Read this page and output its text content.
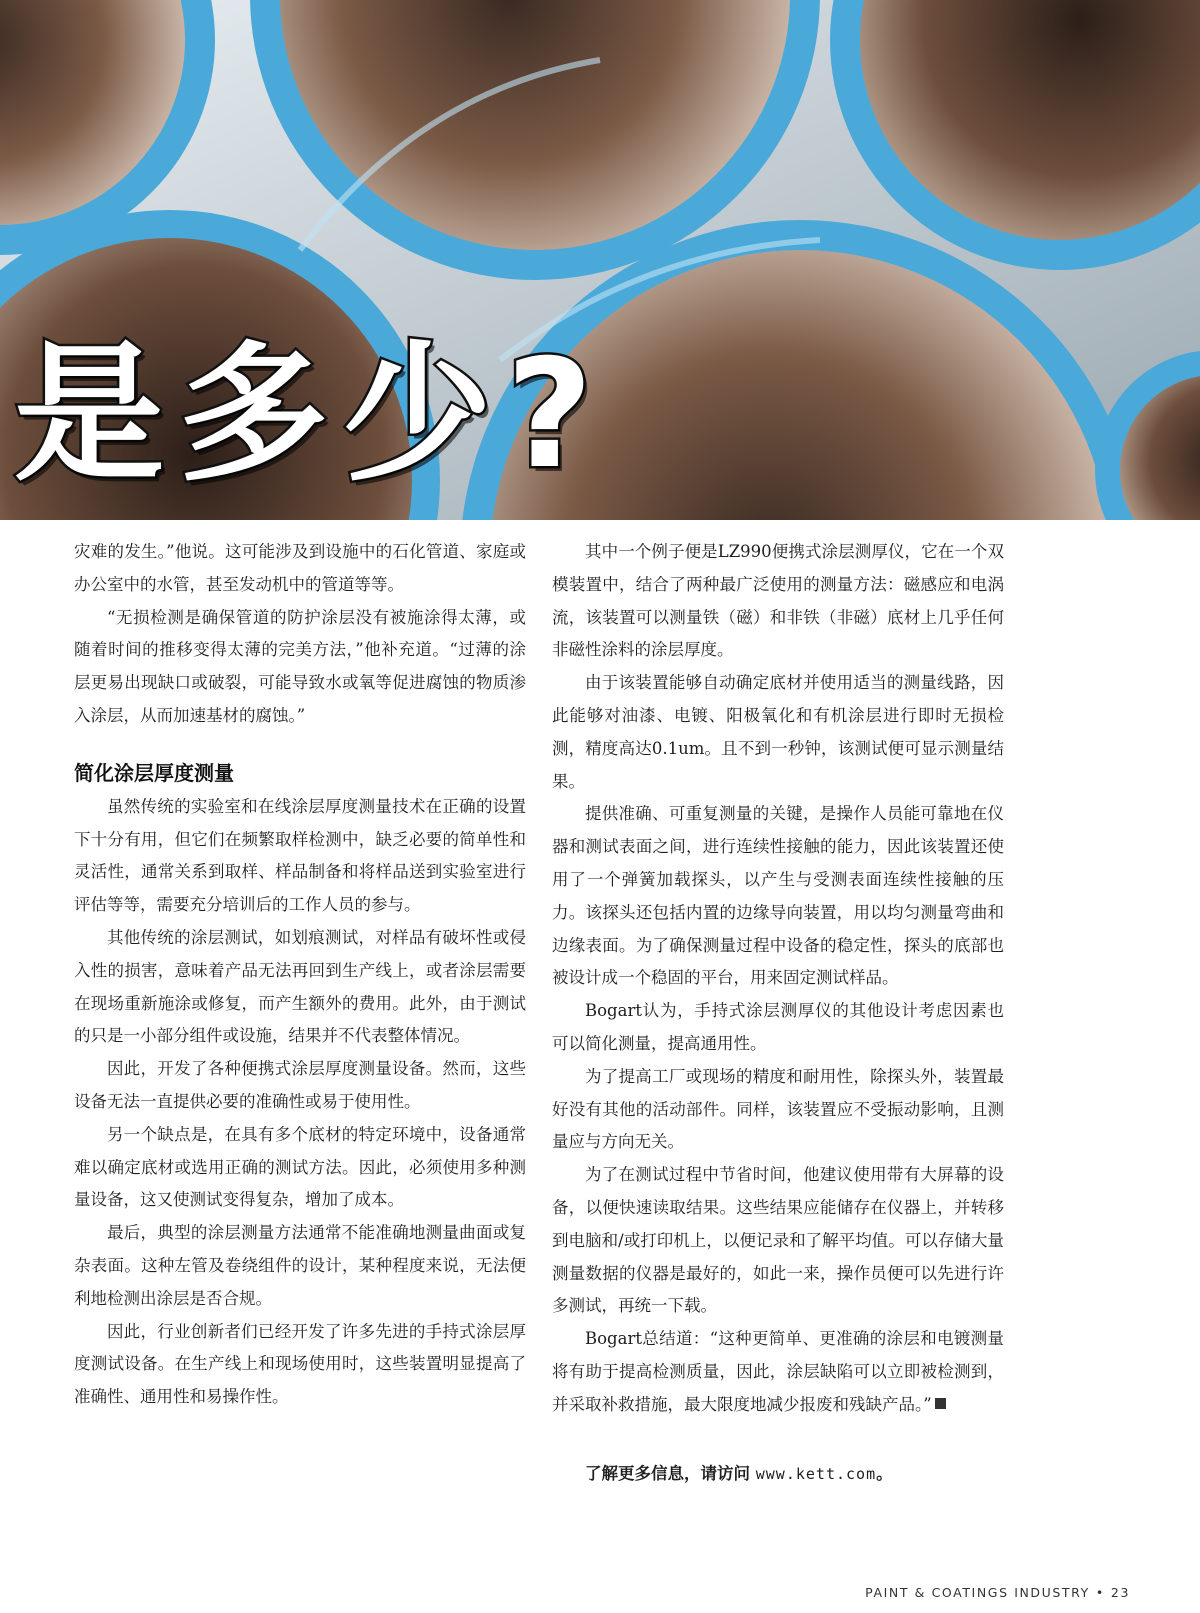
是多少?

灾难的发生。”他说。这可能涉及到设施中的石化管道、家庭或办公室中的水管，甚至发动机中的管道等等。

“无损检测是确保管道的防护涂层没有被施涂得太薄，或随着时间的推移变得太薄的完美方法，”他补充道。“过薄的涂层更易出现缺口或破裂，可能导致水或氧等促进腐蚀的物质渗入涂层，从而加速基材的腐蚀。”

简化涂层厚度测量

虽然传统的实验室和在线涂层厚度测量技术在正确的设置下十分有用，但它们在频繁取样检测中，缺乏必要的简单性和灵活性，通常关系到取样、样品制备和将样品送到实验室进行评估等等，需要充分培训后的工作人员的参与。

其他传统的涂层测试，如划痕测试，对样品有破坏性或侵入性的损害，意味着产品无法再回到生产线上，或者涂层需要在现场重新施涂或修复，而产生额外的费用。此外，由于测试的只是一小部分组件或设施，结果并不代表整体情况。

因此，开发了各种便携式涂层厚度测量设备。然而，这些设备无法一直提供必要的准确性或易于使用性。

另一个缺点是，在具有多个底材的特定环境中，设备通常难以确定底材或选用正确的测试方法。因此，必须使用多种测量设备，这又使测试变得复杂，增加了成本。

最后，典型的涂层测量方法通常不能准确地测量曲面或复杂表面。这种左管及卷绕组件的设计，某种程度来说，无法便利地检测出涂层是否合规。

因此，行业创新者们已经开发了许多先进的手持式涂层厚度测试设备。在生产线上和现场使用时，这些装置明显提高了准确性、通用性和易操作性。

其中一个例子便是LZ990便携式涂层测厚仪，它在一个双模装置中，结合了两种最广泛使用的测量方法：磁感应和电涡流，该装置可以测量铁（磁）和非铁（非磁）底材上几乎任何非磁性涂料的涂层厚度。

由于该装置能够自动确定底材并使用适当的测量线路，因此能够对油漆、电镀、阳极氧化和有机涂层进行即时无损检测，精度高达0.1um。且不到一秒钟，该测试便可显示测量结果。

提供准确、可重复测量的关键，是操作人员能可靠地在仪器和测试表面之间，进行连续性接触的能力，因此该装置还使用了一个弹簧加载探头，以产生与受测表面连续性接触的压力。该探头还包括内置的边缘导向装置，用以均匀测量弯曲和边缘表面。为了确保测量过程中设备的稳定性，探头的底部也被设计成一个稳固的平台，用来固定测试样品。

Bogart认为，手持式涂层测厚仪的其他设计考虑因素也可以简化测量，提高通用性。

为了提高工厂或现场的精度和耐用性，除探头外，装置最好没有其他的活动部件。同样，该装置应不受振动影响，且测量应与方向无关。

为了在测试过程中节省时间，他建议使用带有大屏幕的设备，以便快速读取结果。这些结果应能储存在仪器上，并转移到电脑和/或打印机上，以便记录和了解平均值。可以存储大量测量数据的仪器是最好的，如此一来，操作员便可以先进行许多测试，再统一下载。

Bogart总结道：“这种更简单、更准确的涂层和电镀测量将有助于提高检测质量，因此，涂层缺陷可以立即被检测到，并采取补救措施，最大限度地减少报废和残缺产品。”

了解更多信息，请访问 www.kett.com。

PAINT & COATINGS INDUSTRY • 23
